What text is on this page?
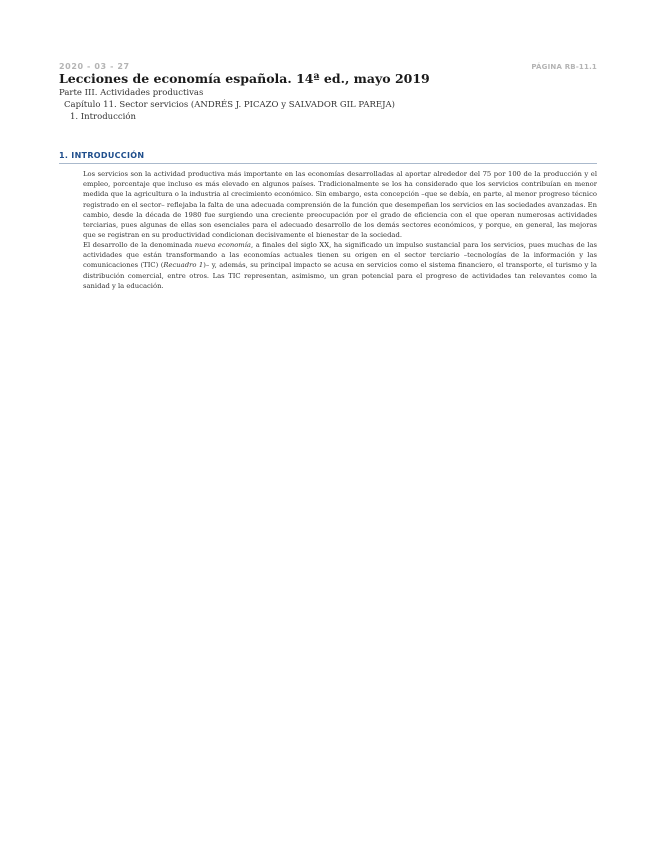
2020 - 03 - 27	PÁGINA RB-11.1
Lecciones de economía española. 14ª ed., mayo 2019
Parte III. Actividades productivas
Capítulo 11. Sector servicios (ANDRÉS J. PICAZO y SALVADOR GIL PAREJA)
1. Introducción
1. INTRODUCCIÓN

Los servicios son la actividad productiva más importante en las economías desarrolladas al aportar alrededor del 75 por 100 de la producción y el empleo, porcentaje que incluso es más elevado en algunos países. Tradicionalmente se los ha considerado que los servicios contribuían en menor medida que la agricultura o la industria al crecimiento económico. Sin embargo, esta concepción –que se debía, en parte, al menor progreso técnico registrado en el sector– reflejaba la falta de una adecuada comprensión de la función que desempeñan los servicios en las sociedades avanzadas. En cambio, desde la década de 1980 fue surgiendo una creciente preocupación por el grado de eficiencia con el que operan numerosas actividades terciarias, pues algunas de ellas son esenciales para el adecuado desarrollo de los demás sectores económicos, y porque, en general, las mejoras que se registran en su productividad condicionan decisivamente el bienestar de la sociedad.

El desarrollo de la denominada nueva economía, a finales del siglo XX, ha significado un impulso sustancial para los servicios, pues muchas de las actividades que están transformando a las economías actuales tienen su origen en el sector terciario –tecnologías de la información y las comunicaciones (TIC) (Recuadro 1)– y, además, su principal impacto se acusa en servicios como el sistema financiero, el transporte, el turismo y la distribución comercial, entre otros. Las TIC representan, asimismo, un gran potencial para el progreso de actividades tan relevantes como la sanidad y la educación.
